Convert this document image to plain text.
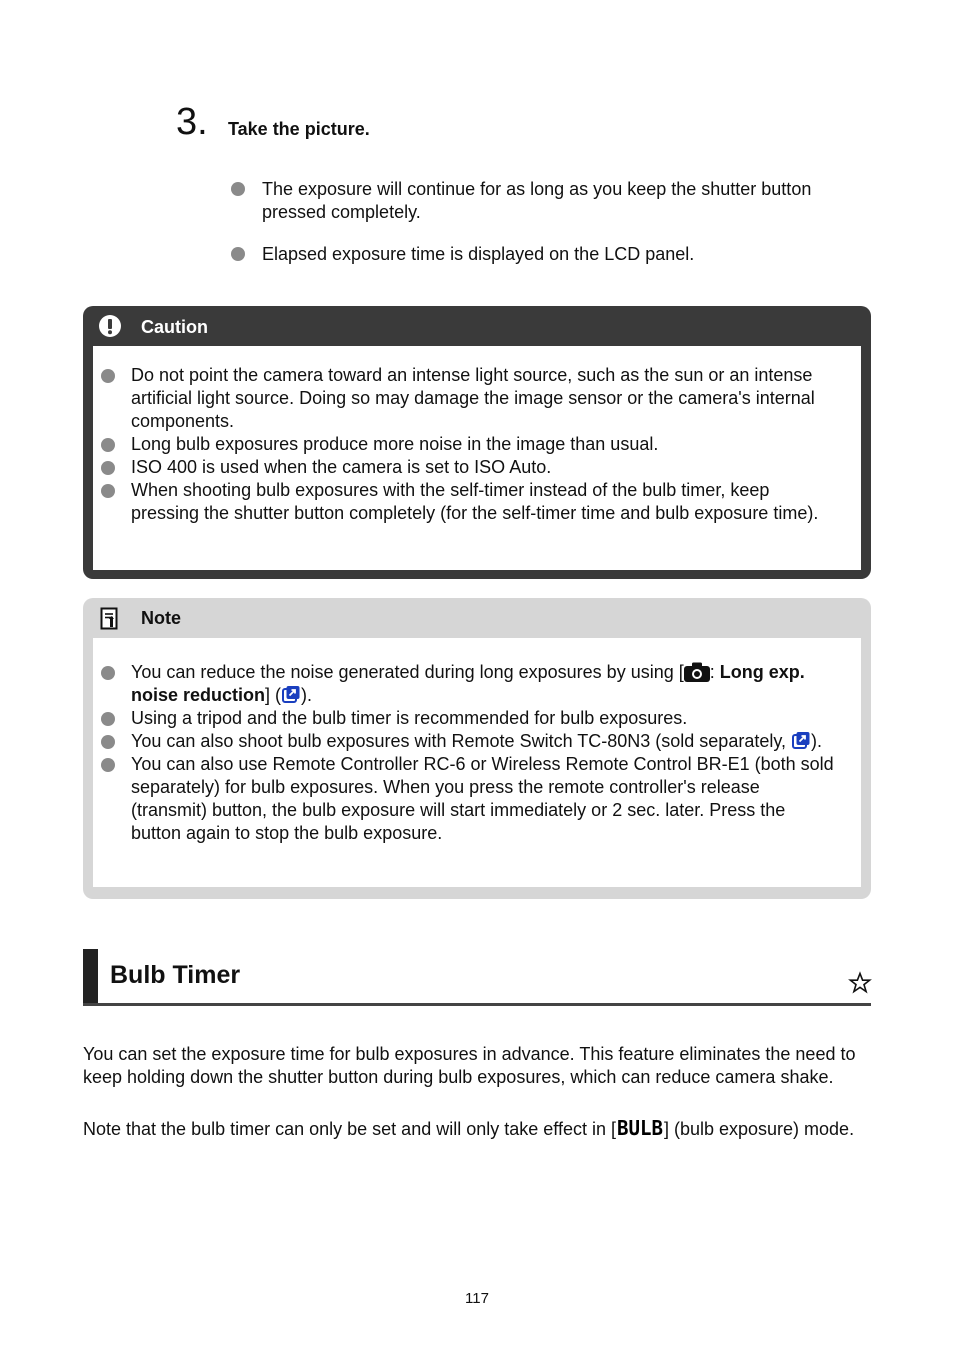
3. Take the picture.
The exposure will continue for as long as you keep the shutter button pressed completely.
Elapsed exposure time is displayed on the LCD panel.
Caution
Do not point the camera toward an intense light source, such as the sun or an intense artificial light source. Doing so may damage the image sensor or the camera's internal components.
Long bulb exposures produce more noise in the image than usual.
ISO 400 is used when the camera is set to ISO Auto.
When shooting bulb exposures with the self-timer instead of the bulb timer, keep pressing the shutter button completely (for the self-timer time and bulb exposure time).
Note
You can reduce the noise generated during long exposures by using [ : Long exp. noise reduction] ( ).
Using a tripod and the bulb timer is recommended for bulb exposures.
You can also shoot bulb exposures with Remote Switch TC-80N3 (sold separately, ).
You can also use Remote Controller RC-6 or Wireless Remote Control BR-E1 (both sold separately) for bulb exposures. When you press the remote controller's release (transmit) button, the bulb exposure will start immediately or 2 sec. later. Press the button again to stop the bulb exposure.
Bulb Timer

You can set the exposure time for bulb exposures in advance. This feature eliminates the need to keep holding down the shutter button during bulb exposures, which can reduce camera shake.

Note that the bulb timer can only be set and will only take effect in [ BULB ] (bulb exposure) mode.

117
